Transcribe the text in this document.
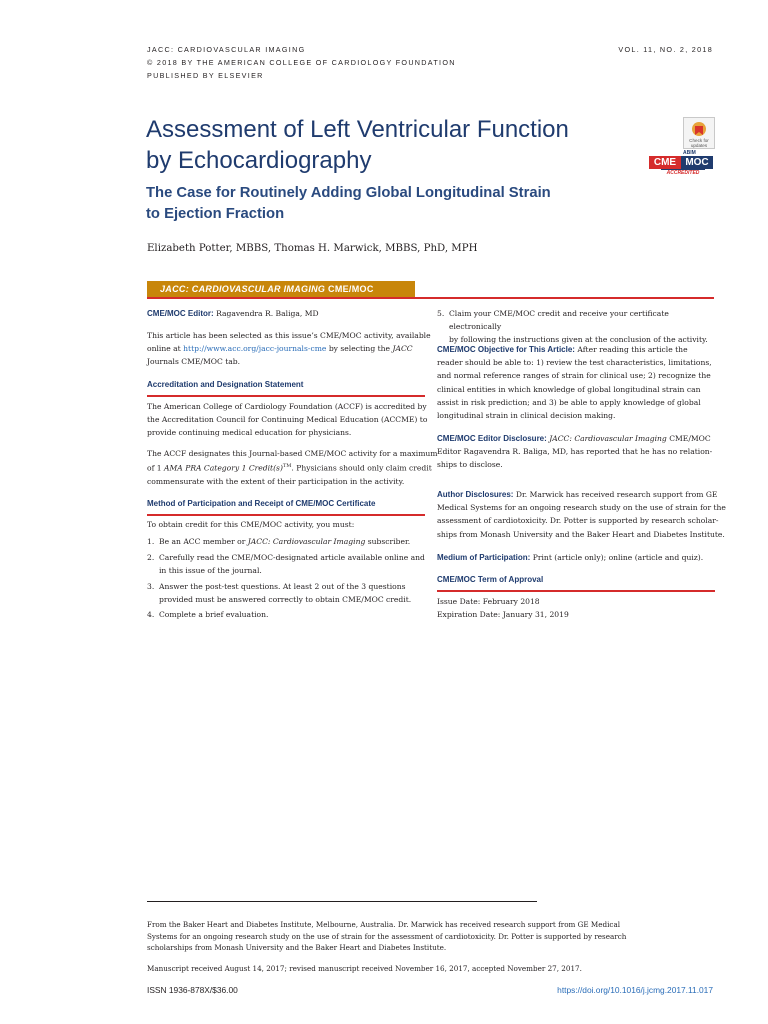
JACC: CARDIOVASCULAR IMAGING
© 2018 BY THE AMERICAN COLLEGE OF CARDIOLOGY FOUNDATION
PUBLISHED BY ELSEVIER
VOL. 11, NO. 2, 2018
Assessment of Left Ventricular Function
by Echocardiography
The Case for Routinely Adding Global Longitudinal Strain
to Ejection Fraction
Check for updates
ABIM
CME MOC
ACCREDITED
Elizabeth Potter, MBBS, Thomas H. Marwick, MBBS, PhD, MPH
JACC: CARDIOVASCULAR IMAGING CME/MOC
CME/MOC Editor: Ragavendra R. Baliga, MD
This article has been selected as this issue’s CME/MOC activity, available
online at http://www.acc.org/jacc-journals-cme by selecting the JACC
Journals CME/MOC tab.
Accreditation and Designation Statement
The American College of Cardiology Foundation (ACCF) is accredited by
the Accreditation Council for Continuing Medical Education (ACCME) to
provide continuing medical education for physicians.
The ACCF designates this Journal-based CME/MOC activity for a maximum
of 1 AMA PRA Category 1 Credit(s)™. Physicians should only claim credit
commensurate with the extent of their participation in the activity.
Method of Participation and Receipt of CME/MOC Certificate
To obtain credit for this CME/MOC activity, you must:
1. Be an ACC member or JACC: Cardiovascular Imaging subscriber.
2. Carefully read the CME/MOC-designated article available online and
in this issue of the journal.
3. Answer the post-test questions. At least 2 out of the 3 questions
provided must be answered correctly to obtain CME/MOC credit.
4. Complete a brief evaluation.
5. Claim your CME/MOC credit and receive your certificate electronically
by following the instructions given at the conclusion of the activity.
CME/MOC Objective for This Article: After reading this article the
reader should be able to: 1) review the test characteristics, limitations,
and normal reference ranges of strain for clinical use; 2) recognize the
clinical entities in which knowledge of global longitudinal strain can
assist in risk prediction; and 3) be able to apply knowledge of global
longitudinal strain in clinical decision making.
CME/MOC Editor Disclosure: JACC: Cardiovascular Imaging CME/MOC
Editor Ragavendra R. Baliga, MD, has reported that he has no relation-
ships to disclose.
Author Disclosures: Dr. Marwick has received research support from GE
Medical Systems for an ongoing research study on the use of strain for the
assessment of cardiotoxicity. Dr. Potter is supported by research scholar-
ships from Monash University and the Baker Heart and Diabetes Institute.
Medium of Participation: Print (article only); online (article and quiz).
CME/MOC Term of Approval
Issue Date: February 2018
Expiration Date: January 31, 2019
From the Baker Heart and Diabetes Institute, Melbourne, Australia. Dr. Marwick has received research support from GE Medical
Systems for an ongoing research study on the use of strain for the assessment of cardiotoxicity. Dr. Potter is supported by research
scholarships from Monash University and the Baker Heart and Diabetes Institute.
Manuscript received August 14, 2017; revised manuscript received November 16, 2017, accepted November 27, 2017.
ISSN 1936-878X/$36.00	https://doi.org/10.1016/j.jcmg.2017.11.017
